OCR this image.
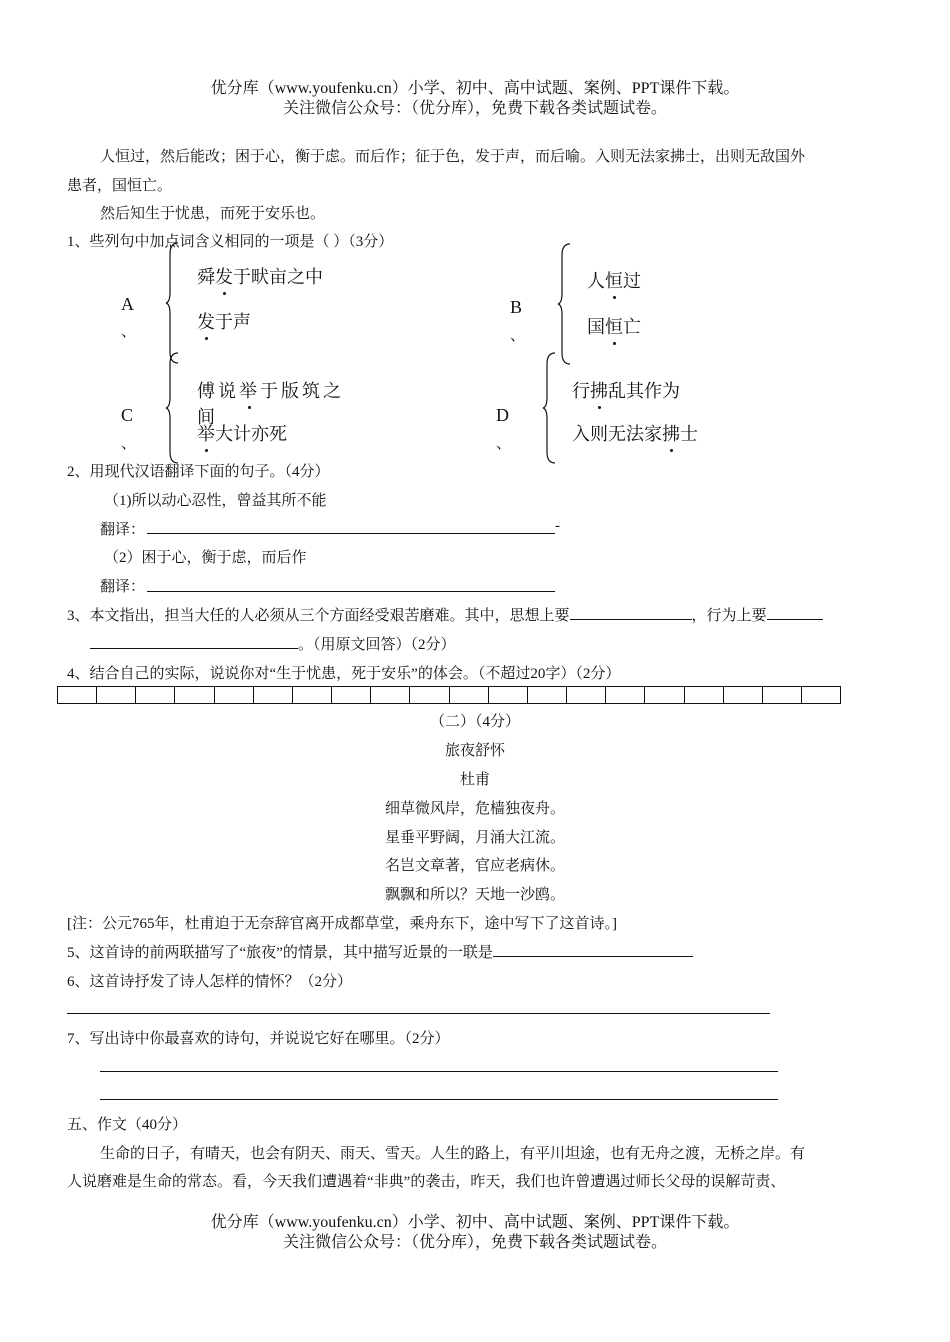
优分库（www.youfenku.cn）小学、初中、高中试题、案例、PPT课件下载。
关注微信公众号：（优分库），免费下载各类试题试卷。
人恒过，然后能改；困于心，衡于虑。而后作；征于色，发于声，而后喻。入则无法家拂士，出则无敌国外
患者，国恒亡。
然后知生于忧患，而死于安乐也。
1、些列句中加点词含义相同的一项是（ ）（3分）
A
、
舜发于畎亩之中
发于声
B
、
人恒过
国恒亡
C
、
傅说举于版筑之
间
举大计亦死
D
、
行拂乱其作为
入则无法家拂士
2、用现代汉语翻译下面的句子。（4分）
（1)所以动心忍性，曾益其所不能
翻译：	-
（2）困于心，衡于虑，而后作
翻译：
3、本文指出，担当大任的人必须从三个方面经受艰苦磨难。其中，思想上要	，行为上要
。（用原文回答）（2分）
4、结合自己的实际，说说你对“生于忧患，死于安乐”的体会。（不超过20字）（2分）
（二）（4分）
旅夜舒怀
杜甫
细草微风岸，危樯独夜舟。
星垂平野阔，月涌大江流。
名岂文章著，官应老病休。
飘飘和所以？天地一沙鸥。
[注：公元765年，杜甫迫于无奈辞官离开成都草堂，乘舟东下，途中写下了这首诗。]
5、这首诗的前两联描写了“旅夜”的情景，其中描写近景的一联是
6、这首诗抒发了诗人怎样的情怀？（2分）
7、写出诗中你最喜欢的诗句，并说说它好在哪里。（2分）
五、作文（40分）
生命的日子，有晴天，也会有阴天、雨天、雪天。人生的路上，有平川坦途，也有无舟之渡，无桥之岸。有
人说磨难是生命的常态。看，今天我们遭遇着“非典”的袭击，昨天，我们也许曾遭遇过师长父母的误解苛责、
优分库（www.youfenku.cn）小学、初中、高中试题、案例、PPT课件下载。
关注微信公众号：（优分库），免费下载各类试题试卷。
